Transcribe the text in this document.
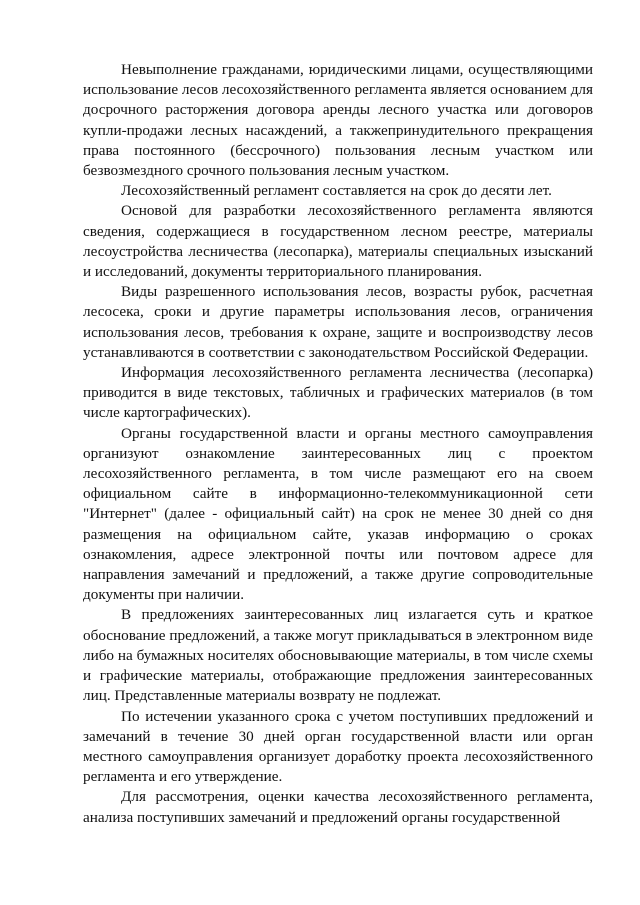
Невыполнение гражданами, юридическими лицами, осуществляющими использование лесов лесохозяйственного регламента является основанием для досрочного расторжения договора аренды лесного участка или договоров купли-продажи лесных насаждений, а такжепринудительного прекращения права постоянного (бессрочного) пользования лесным участком или безвозмездного срочного пользования лесным участком.

Лесохозяйственный регламент составляется на срок до десяти лет.

Основой для разработки лесохозяйственного регламента являются сведения, содержащиеся в государственном лесном реестре, материалы лесоустройства лесничества (лесопарка), материалы специальных изысканий и исследований, документы территориального планирования.

Виды разрешенного использования лесов, возрасты рубок, расчетная лесосека, сроки и другие параметры использования лесов, ограничения использования лесов, требования к охране, защите и воспроизводству лесов устанавливаются в соответствии с законодательством Российской Федерации.

Информация лесохозяйственного регламента лесничества (лесопарка) приводится в виде текстовых, табличных и графических материалов (в том числе картографических).

Органы государственной власти и органы местного самоуправления организуют ознакомление заинтересованных лиц с проектом лесохозяйственного регламента, в том числе размещают его на своем официальном сайте в информационно-телекоммуникационной сети "Интернет" (далее - официальный сайт) на срок не менее 30 дней со дня размещения на официальном сайте, указав информацию о сроках ознакомления, адресе электронной почты или почтовом адресе для направления замечаний и предложений, а также другие сопроводительные документы при наличии.

В предложениях заинтересованных лиц излагается суть и краткое обоснование предложений, а также могут прикладываться в электронном виде либо на бумажных носителях обосновывающие материалы, в том числе схемы и графические материалы, отображающие предложения заинтересованных лиц. Представленные материалы возврату не подлежат.

По истечении указанного срока с учетом поступивших предложений и замечаний в течение 30 дней орган государственной власти или орган местного самоуправления организует доработку проекта лесохозяйственного регламента и его утверждение.

Для рассмотрения, оценки качества лесохозяйственного регламента, анализа поступивших замечаний и предложений органы государственной
